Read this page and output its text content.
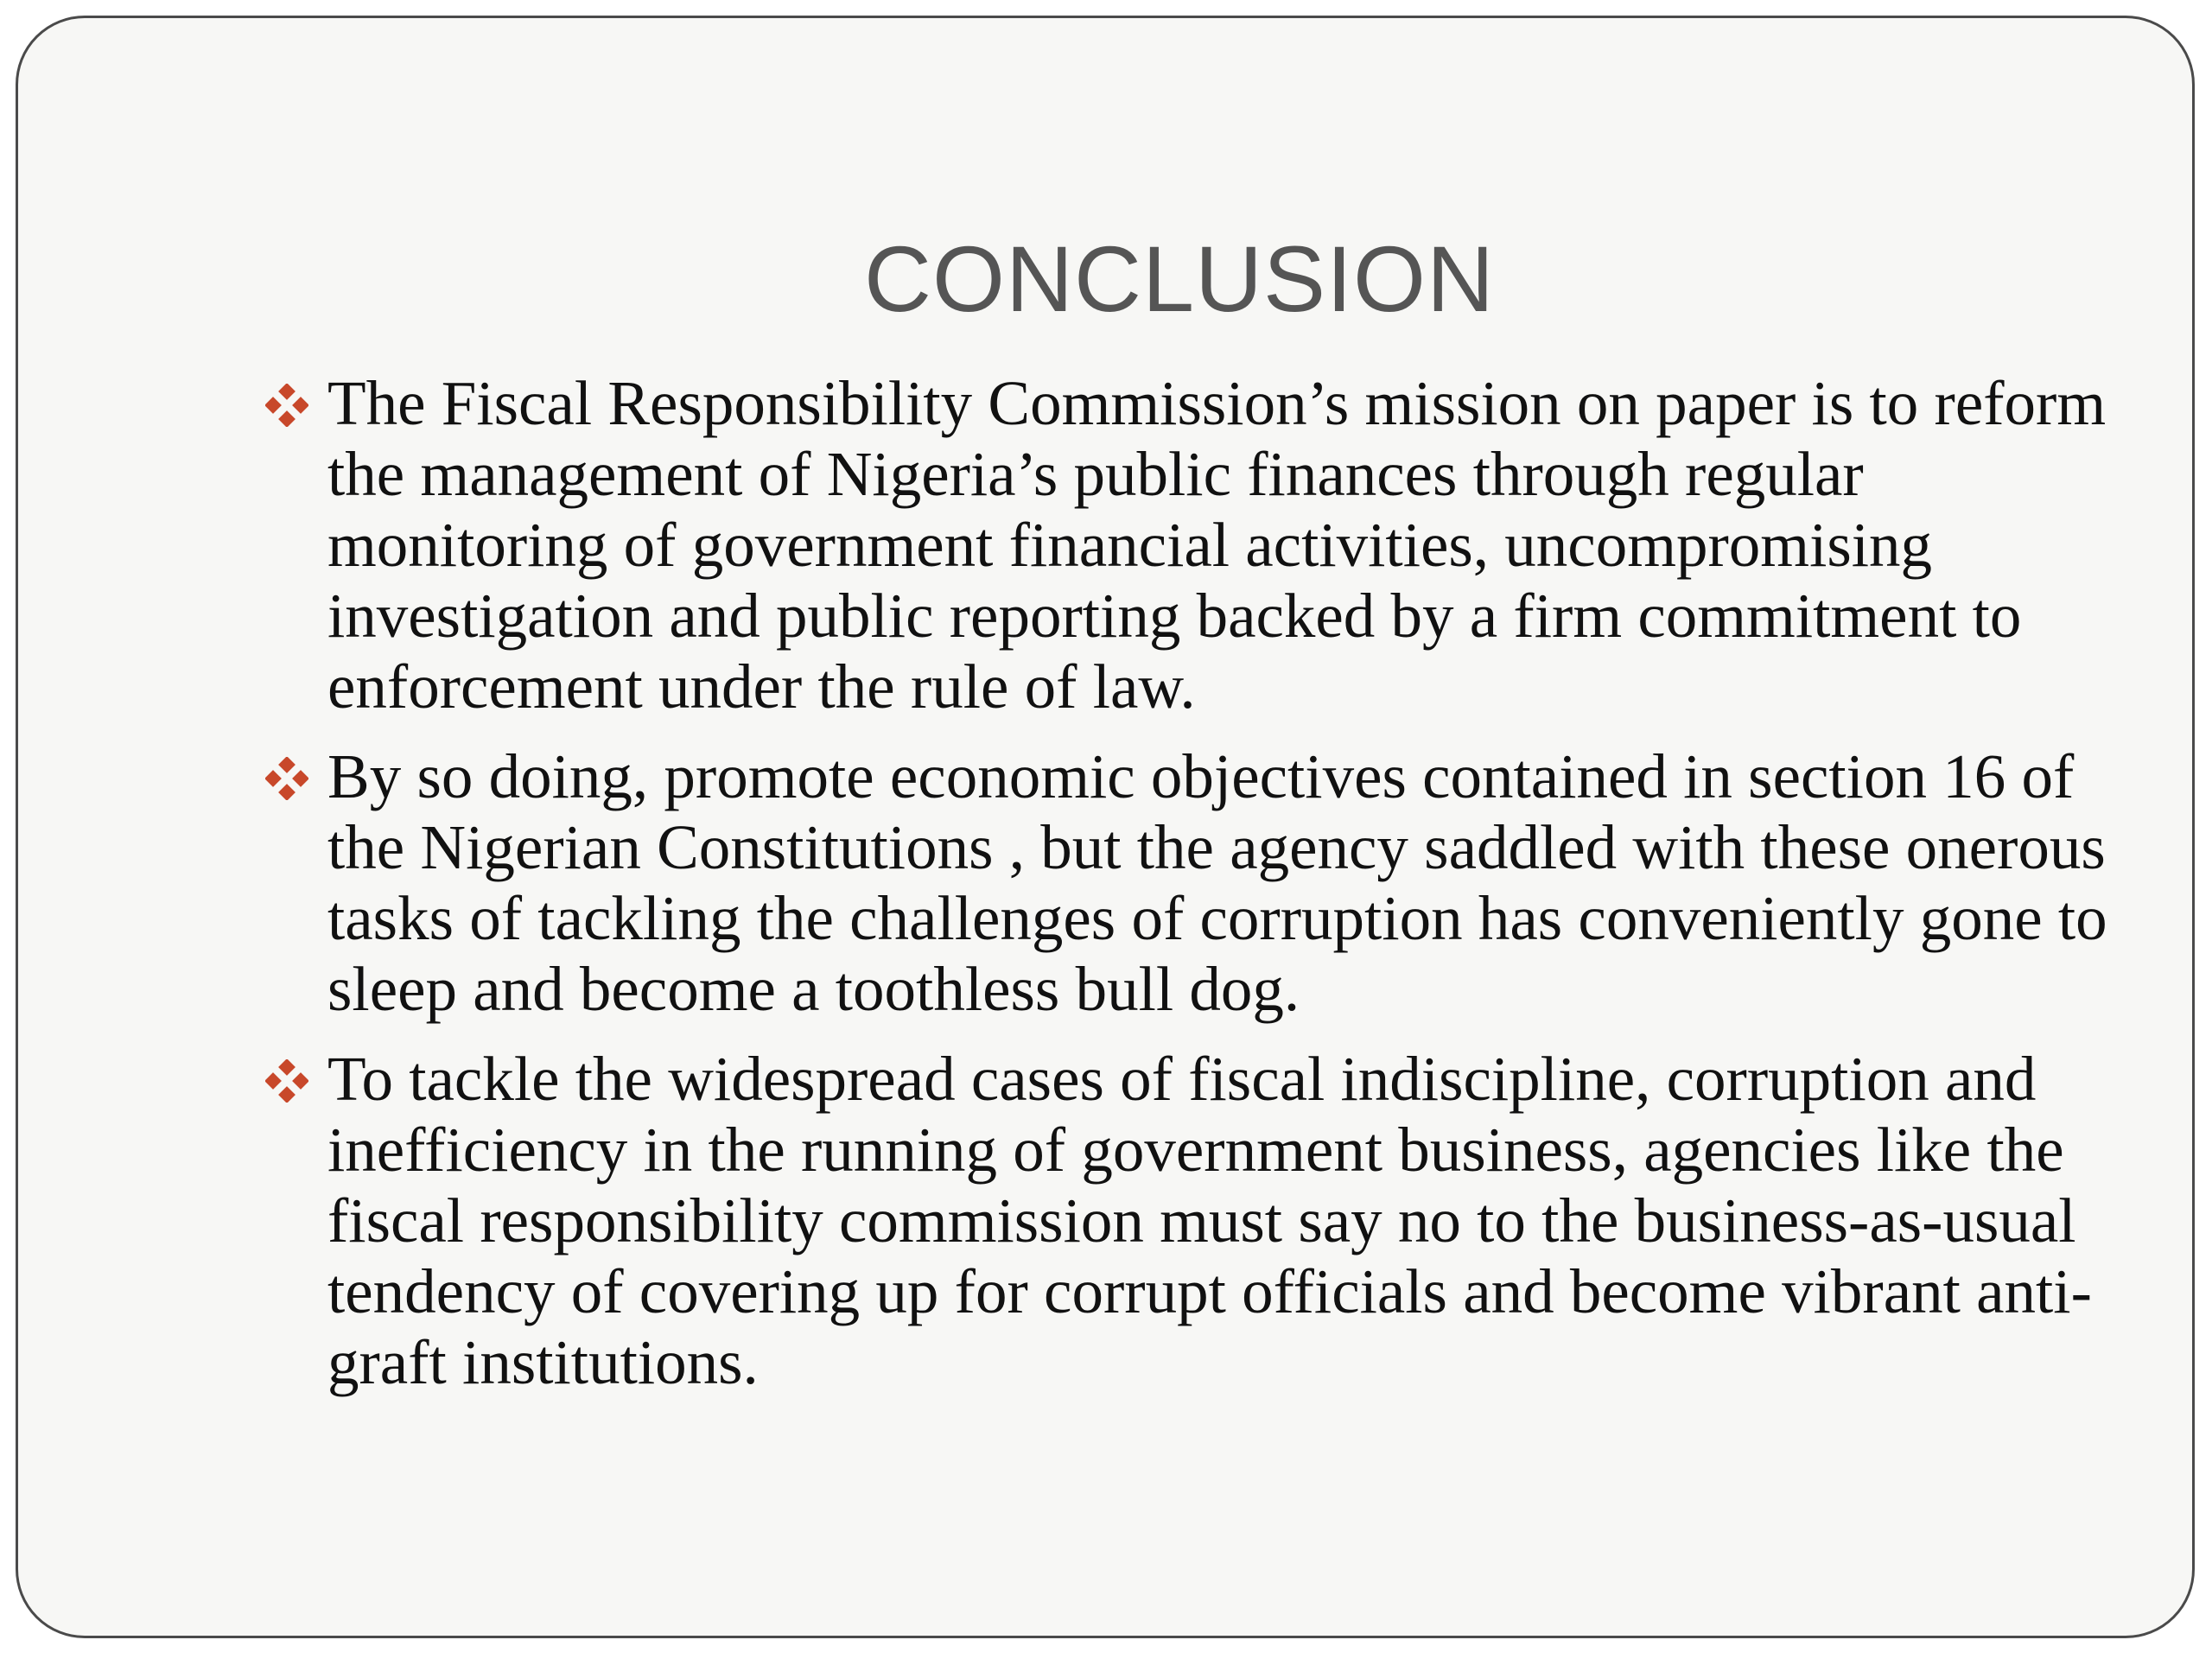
CONCLUSION
The Fiscal Responsibility Commission’s mission on paper is to reform the management of Nigeria’s public finances through regular monitoring of government financial activities, uncompromising investigation and public reporting backed by a firm commitment to enforcement under the rule of law.
By so doing, promote economic objectives contained in section 16 of the Nigerian Constitutions , but the agency saddled with these onerous tasks of tackling the challenges of corruption has conveniently gone to sleep and become a toothless bull dog.
To tackle the widespread cases of fiscal indiscipline, corruption and inefficiency in the running of government business, agencies like the fiscal responsibility commission must say no to the business-as-usual tendency of covering up for corrupt officials and become vibrant anti-graft institutions.
